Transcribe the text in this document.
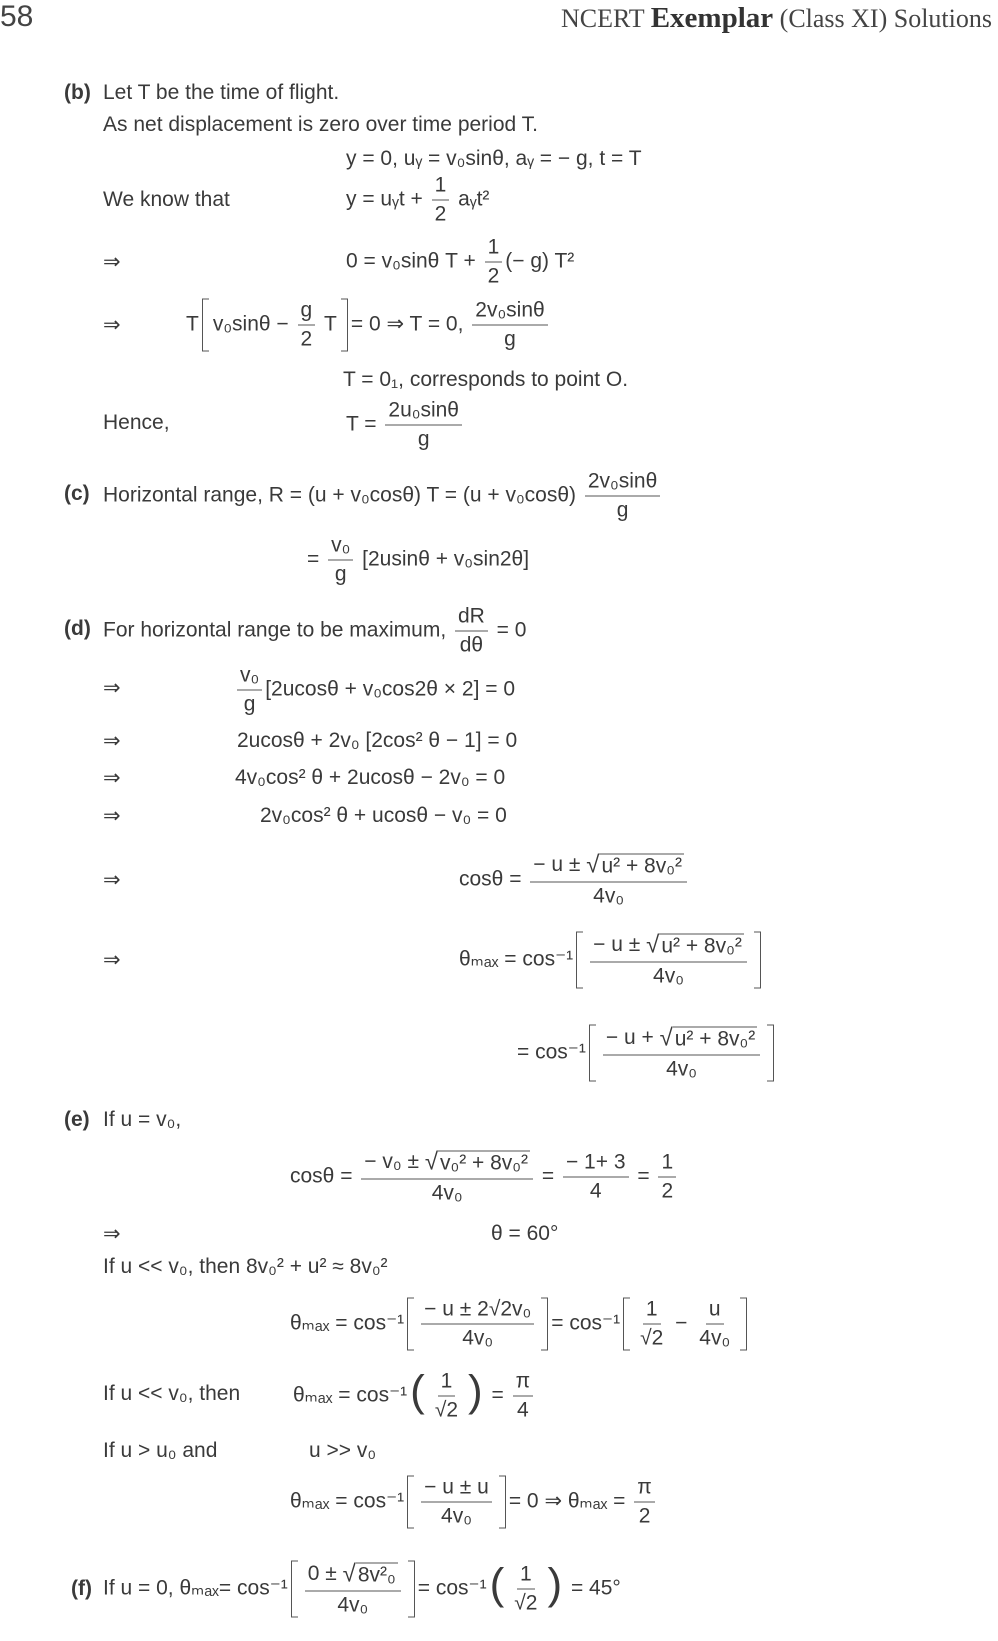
58	NCERT Exemplar (Class XI) Solutions
(b) Let T be the time of flight.
As net displacement is zero over time period T.
y = 0, uᵧ = v₀sinθ, aᵧ = − g, t = T
We know that	y = uᵧt + $\frac{1}{2}$ aᵧt²
⇒	0 = v₀sinθ $T + \frac{1}{2}$ (− g) T²
⇒	T $v_0\sin\theta - \frac{g}{2}$ T = 0 ⇒ T = 0, $\frac{\text{2v₀sinθ}}{g}$
T = 0₁, corresponds to point O.
Hence,	$T = \frac{\text{2u₀sinθ}}{g}$
(c) Horizontal range, R = (u + v₀cosθ) $T = (u + v_0\cos\theta) \frac{\text{2v₀sinθ}}{g}$
= $\frac{\text{v₀}}{g} [2usin\theta + v_0\sin 2\theta]$
(d) For horizontal range to be maximum, $\frac{dR}{d\theta} = 0$
⇒	$\frac{\text{v₀}}{g} [2ucos\theta + v_0\cos 2\theta \times 2] = 0$
⇒	2ucosθ + 2v₀ [2cos² θ − 1] = 0
⇒	4v₀cos² θ + 2ucosθ − 2v₀ = 0
⇒	2v₀cos² θ + ucosθ − v₀ = 0
⇒	$\cos\theta = \frac{\text{− u ± √u² + 8v₀²}}{\text{4v₀}}$
⇒	$\theta_{max} = \cos^{-1} \frac{\text{− u ± √u² + 8v₀²}}{\text{4v₀}}$
= $\cos^{-1} \frac{\text{− u + √u² + 8v₀²}}{\text{4v₀}}$
(e) If u = v₀,
$\cos\theta = \frac{\text{− v₀ ± √v₀² + 8v₀²}}{\text{4v₀}} = \frac{- 1+ 3}{4} = \frac{1}{2}$
⇒	θ = 60°
If u << v₀, then 8v₀² + u² ≈ 8v₀²
$\theta_{max} = \cos^{-1} \frac{\text{− u ± 2√2v₀}}{\text{4v₀}} = \cos^{-1} \frac{1}{√2} - \frac{u}{\text{4v₀}}$
If u << v₀, then	θₘₐₓ = cos⁻¹ ( $\frac{1}{√2}$ ) = $\frac{\pi}{4}$
If u > u₀ and	u >> v₀
$\theta_{max} = \cos^{-1} \frac{- u \pm u}{\text{4v₀}} = 0$ ⇒ $\theta_{max} = \frac{\pi}{2}$
(f) If u = 0, $\theta_{max}= \cos^{-1} \frac{\text{0 ± √8v²₀}}{\text{4v₀}} = \cos^{-1}$ ( $\frac{1}{√2}$ ) = 45°
